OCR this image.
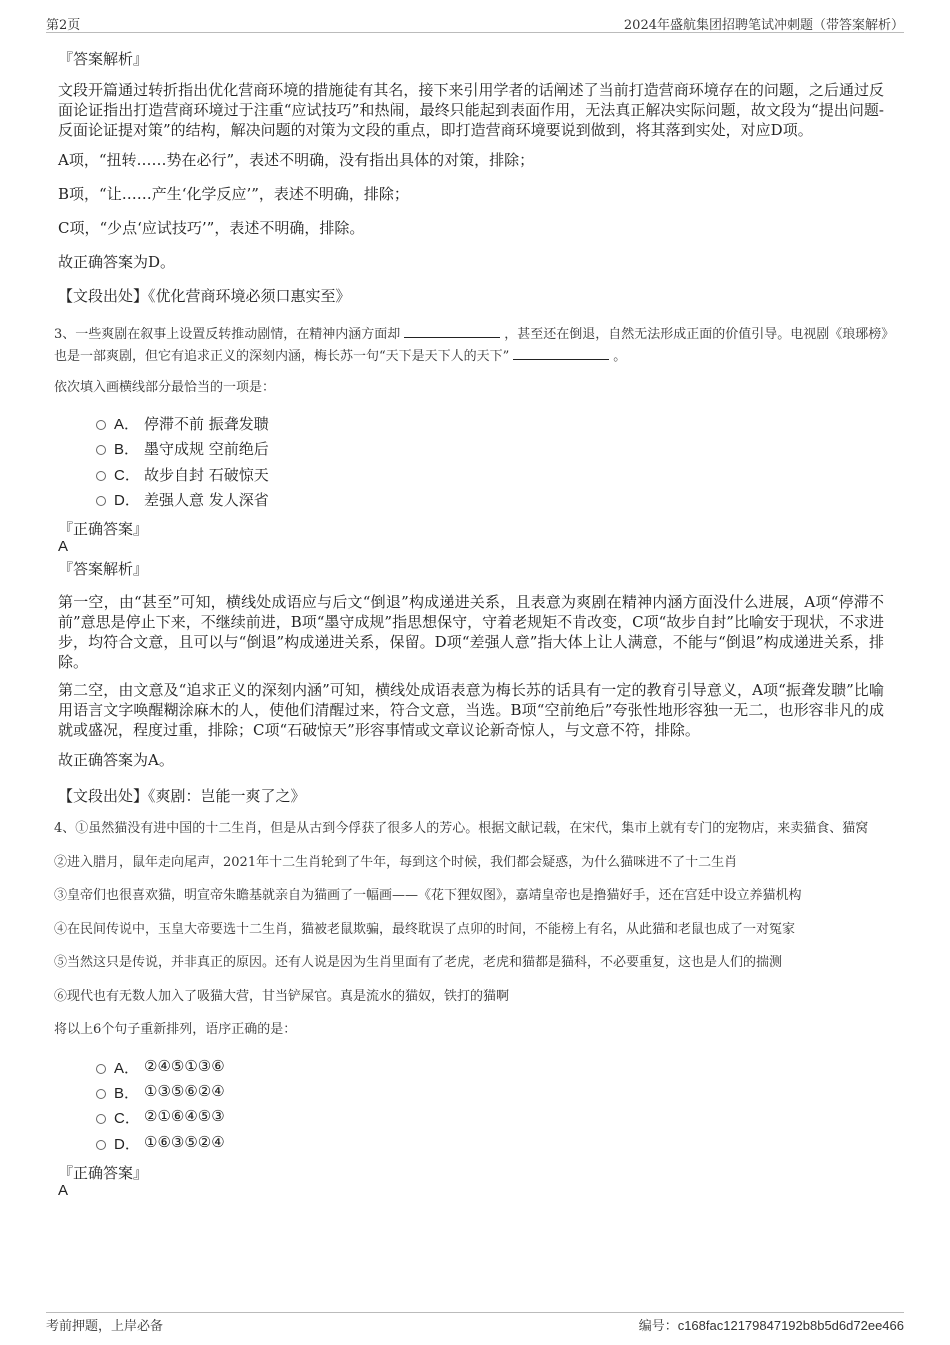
第2页	2024年盛航集团招聘笔试冲刺题（带答案解析）
『答案解析』
文段开篇通过转折指出优化营商环境的措施徒有其名，接下来引用学者的话阐述了当前打造营商环境存在的问题，之后通过反面论证指出打造营商环境过于注重“应试技巧”和热闹，最终只能起到表面作用，无法真正解决实际问题，故文段为“提出问题-反面论证提对策”的结构，解决问题的对策为文段的重点，即打造营商环境要说到做到，将其落到实处，对应D项。
A项，“扭转……势在必行”，表述不明确，没有指出具体的对策，排除；
B项，“让……产生‘化学反应’”，表述不明确，排除；
C项，“少点‘应试技巧’”，表述不明确，排除。
故正确答案为D。
【文段出处】《优化营商环境必须口惠实至》
3、一些爽剧在叙事上设置反转推动剧情，在精神内涵方面却	，甚至还在倒退，自然无法形成正面的价值引导。电视剧《琅琊榜》也是一部爽剧，但它有追求正义的深刻内涵，梅长苏一句“天下是天下人的天下”	。
依次填入画横线部分最恰当的一项是：
A． 停滞不前 振聋发聩
B． 墨守成规 空前绝后
C． 故步自封 石破惊天
D． 差强人意 发人深省
『正确答案』
A
『答案解析』
第一空，由“甚至”可知，横线处成语应与后文“倒退”构成递进关系，且表意为爽剧在精神内涵方面没什么进展，A项“停滞不前”意思是停止下来，不继续前进，B项“墨守成规”指思想保守，守着老规矩不肯改变，C项“故步自封”比喻安于现状，不求进步，均符合文意，且可以与“倒退”构成递进关系，保留。D项“差强人意”指大体上让人满意，不能与“倒退”构成递进关系，排除。
第二空，由文意及“追求正义的深刻内涵”可知，横线处成语表意为梅长苏的话具有一定的教育引导意义，A项“振聋发聩”比喻用语言文字唤醒糊涂麻木的人，使他们清醒过来，符合文意，当选。B项“空前绝后”夸张性地形容独一无二，也形容非凡的成就或盛况，程度过重，排除；C项“石破惊天”形容事情或文章议论新奇惊人，与文意不符，排除。
故正确答案为A。
【文段出处】《爽剧：岂能一爽了之》
4、①虽然猫没有进中国的十二生肖，但是从古到今俘获了很多人的芳心。根据文献记载，在宋代，集市上就有专门的宠物店，来卖猫食、猫窝
②进入腊月，鼠年走向尾声，2021年十二生肖轮到了牛年，每到这个时候，我们都会疑惑，为什么猫咪进不了十二生肖
③皇帝们也很喜欢猫，明宣帝朱瞻基就亲自为猫画了一幅画——《花下狸奴图》，嘉靖皇帝也是撸猫好手，还在宫廷中设立养猫机构
④在民间传说中，玉皇大帝要选十二生肖，猫被老鼠欺骗，最终耽误了点卯的时间，不能榜上有名，从此猫和老鼠也成了一对冤家
⑤当然这只是传说，并非真正的原因。还有人说是因为生肖里面有了老虎，老虎和猫都是猫科，不必要重复，这也是人们的揣测
⑥现代也有无数人加入了吸猫大营，甘当铲屎官。真是流水的猫奴，铁打的猫啊
将以上6个句子重新排列，语序正确的是：
A． ②④⑤①③⑥
B． ①③⑤⑥②④
C． ②①⑥④⑤③
D． ①⑥③⑤②④
『正确答案』
A
考前押题，上岸必备	编号：c168fac12179847192b8b5d6d72ee466
